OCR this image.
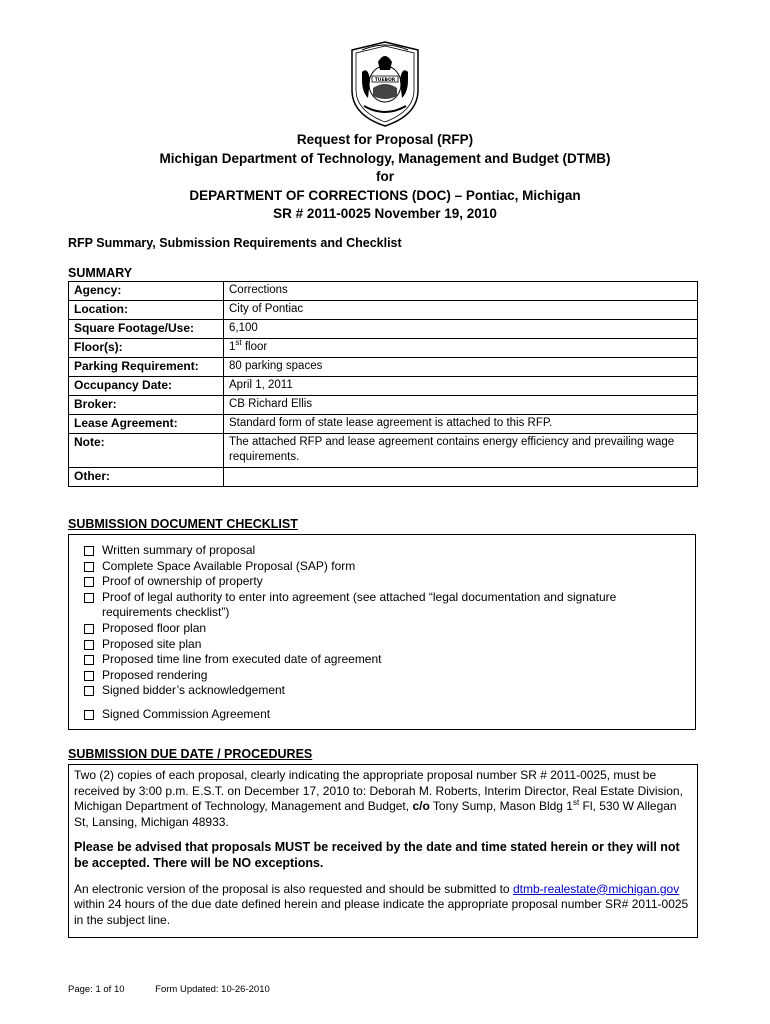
TUEBOR
Request for Proposal (RFP)
Michigan Department of Technology, Management and Budget (DTMB)
for
DEPARTMENT OF CORRECTIONS (DOC) – Pontiac, Michigan
SR # 2011-0025 November 19, 2010
RFP Summary, Submission Requirements and Checklist
SUMMARY
Agency:	Corrections
Location:	City of Pontiac
Square Footage/Use:	6,100
Floor(s):	1st floor
Parking Requirement:	80 parking spaces
Occupancy Date:	April 1, 2011
Broker:	CB Richard Ellis
Lease Agreement:	Standard form of state lease agreement is attached to this RFP.
Note:	The attached RFP and lease agreement contains energy efficiency and prevailing wage requirements.
Other:	
SUBMISSION DOCUMENT CHECKLIST
Written summary of proposal
Complete Space Available Proposal (SAP) form
Proof of ownership of property
Proof of legal authority to enter into agreement (see attached “legal documentation and signature requirements checklist”)
Proposed floor plan
Proposed site plan
Proposed time line from executed date of agreement
Proposed rendering
Signed bidder’s acknowledgement
Signed Commission Agreement
SUBMISSION DUE DATE / PROCEDURES

Two (2) copies of each proposal, clearly indicating the appropriate proposal number SR # 2011-0025, must be received by 3:00 p.m. E.S.T. on December 17, 2010 to: Deborah M. Roberts, Interim Director, Real Estate Division, Michigan Department of Technology, Management and Budget, c/o Tony Sump, Mason Bldg 1st Fl, 530 W Allegan St, Lansing, Michigan 48933.

Please be advised that proposals MUST be received by the date and time stated herein or they will not be accepted. There will be NO exceptions.

An electronic version of the proposal is also requested and should be submitted to dtmb-realestate@michigan.gov within 24 hours of the due date defined herein and please indicate the appropriate proposal number SR# 2011-0025 in the subject line.

Page: 1 of 10	Form Updated: 10-26-2010
